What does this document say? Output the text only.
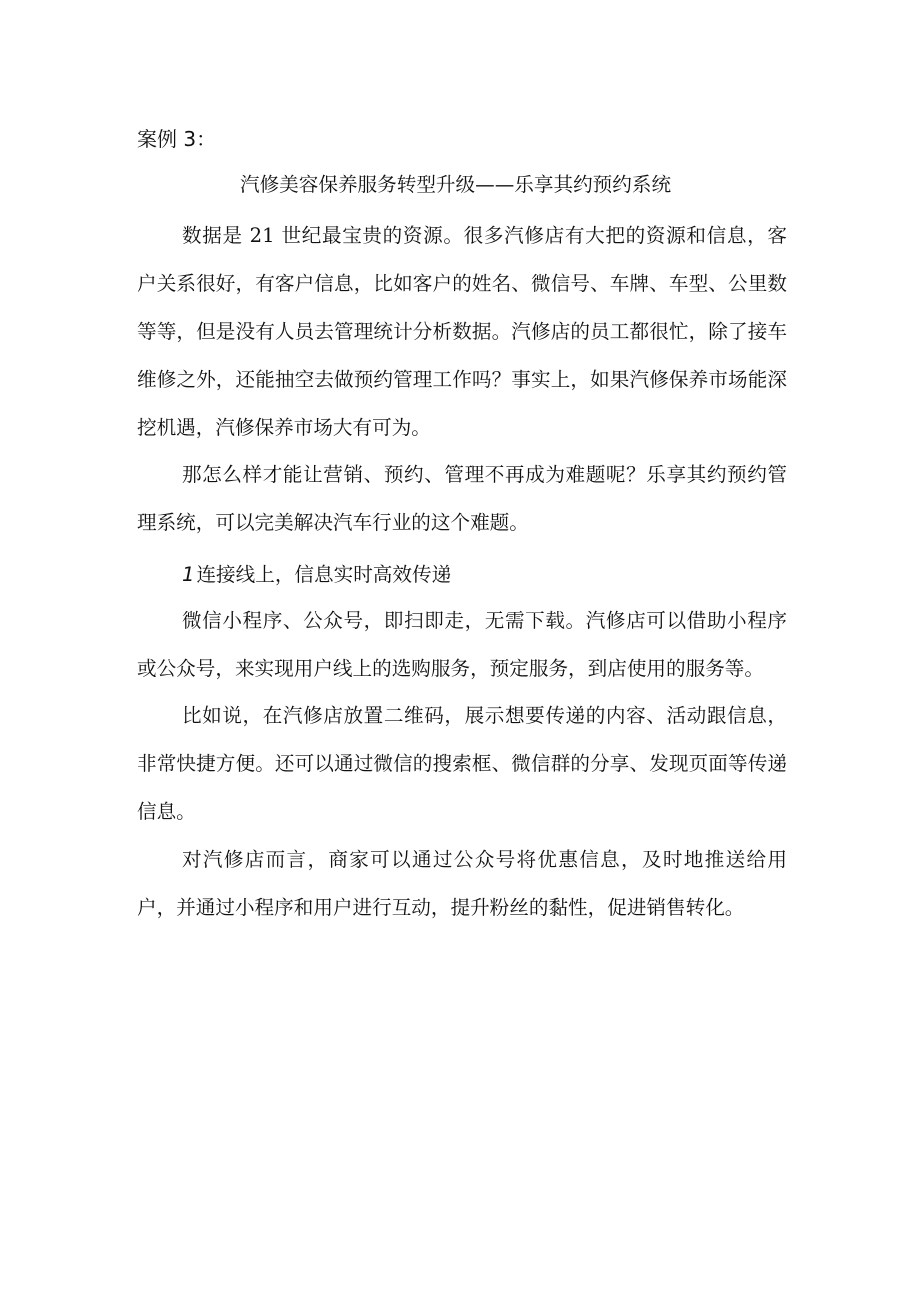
案例 3：
汽修美容保养服务转型升级——乐享其约预约系统

数据是 21 世纪最宝贵的资源。很多汽修店有大把的资源和信息，客户关系很好，有客户信息，比如客户的姓名、微信号、车牌、车型、公里数等等，但是没有人员去管理统计分析数据。汽修店的员工都很忙，除了接车维修之外，还能抽空去做预约管理工作吗？事实上，如果汽修保养市场能深挖机遇，汽修保养市场大有可为。

那怎么样才能让营销、预约、管理不再成为难题呢？乐享其约预约管理系统，可以完美解决汽车行业的这个难题。

1 连接线上，信息实时高效传递

微信小程序、公众号，即扫即走，无需下载。汽修店可以借助小程序或公众号，来实现用户线上的选购服务，预定服务，到店使用的服务等。

比如说，在汽修店放置二维码，展示想要传递的内容、活动跟信息，非常快捷方便。还可以通过微信的搜索框、微信群的分享、发现页面等传递信息。

对汽修店而言，商家可以通过公众号将优惠信息，及时地推送给用户，并通过小程序和用户进行互动，提升粉丝的黏性，促进销售转化。
